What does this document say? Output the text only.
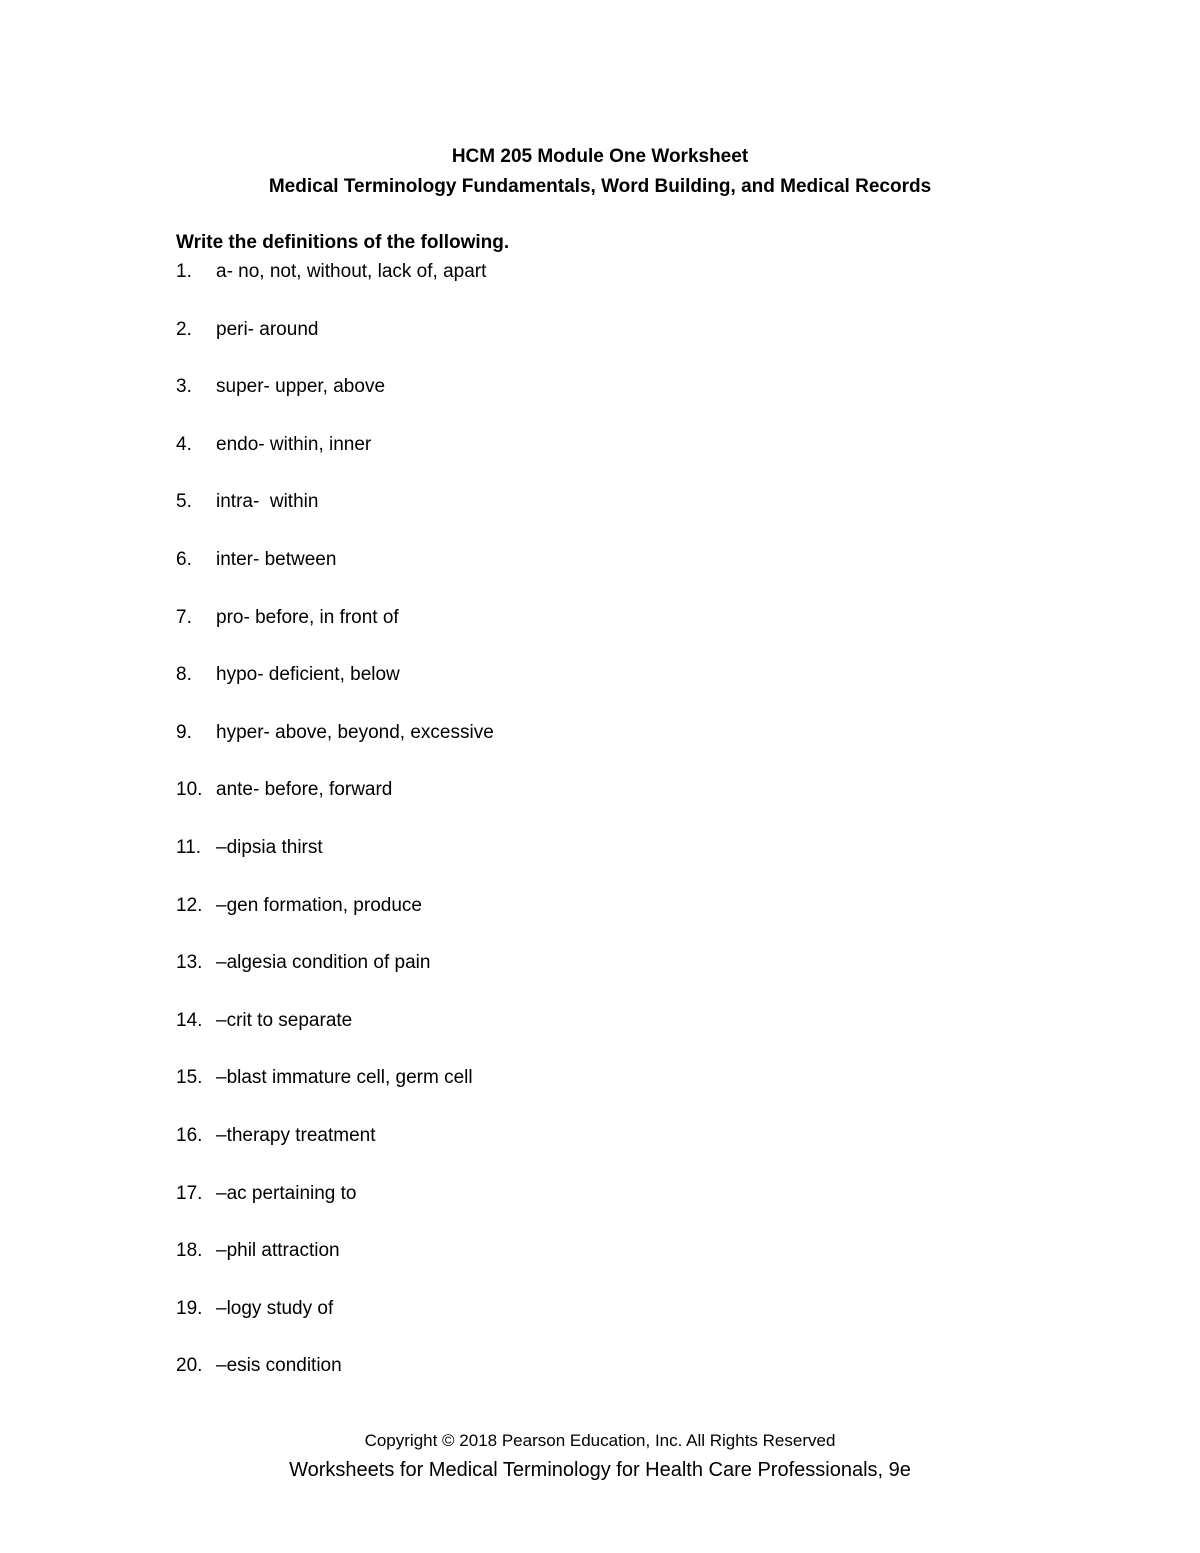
HCM 205 Module One Worksheet
Medical Terminology Fundamentals, Word Building, and Medical Records
Write the definitions of the following.
1.	a- no, not, without, lack of, apart
2.	peri- around
3.	super- upper, above
4.	endo- within, inner
5.	intra-  within
6.	inter- between
7.	pro- before, in front of
8.	hypo- deficient, below
9.	hyper- above, beyond, excessive
10. ante- before, forward
11. –dipsia thirst
12. –gen formation, produce
13. –algesia condition of pain
14. –crit to separate
15. –blast immature cell, germ cell
16. –therapy treatment
17. –ac pertaining to
18. –phil attraction
19. –logy study of
20. –esis condition
Copyright © 2018 Pearson Education, Inc. All Rights Reserved
Worksheets for Medical Terminology for Health Care Professionals, 9e
